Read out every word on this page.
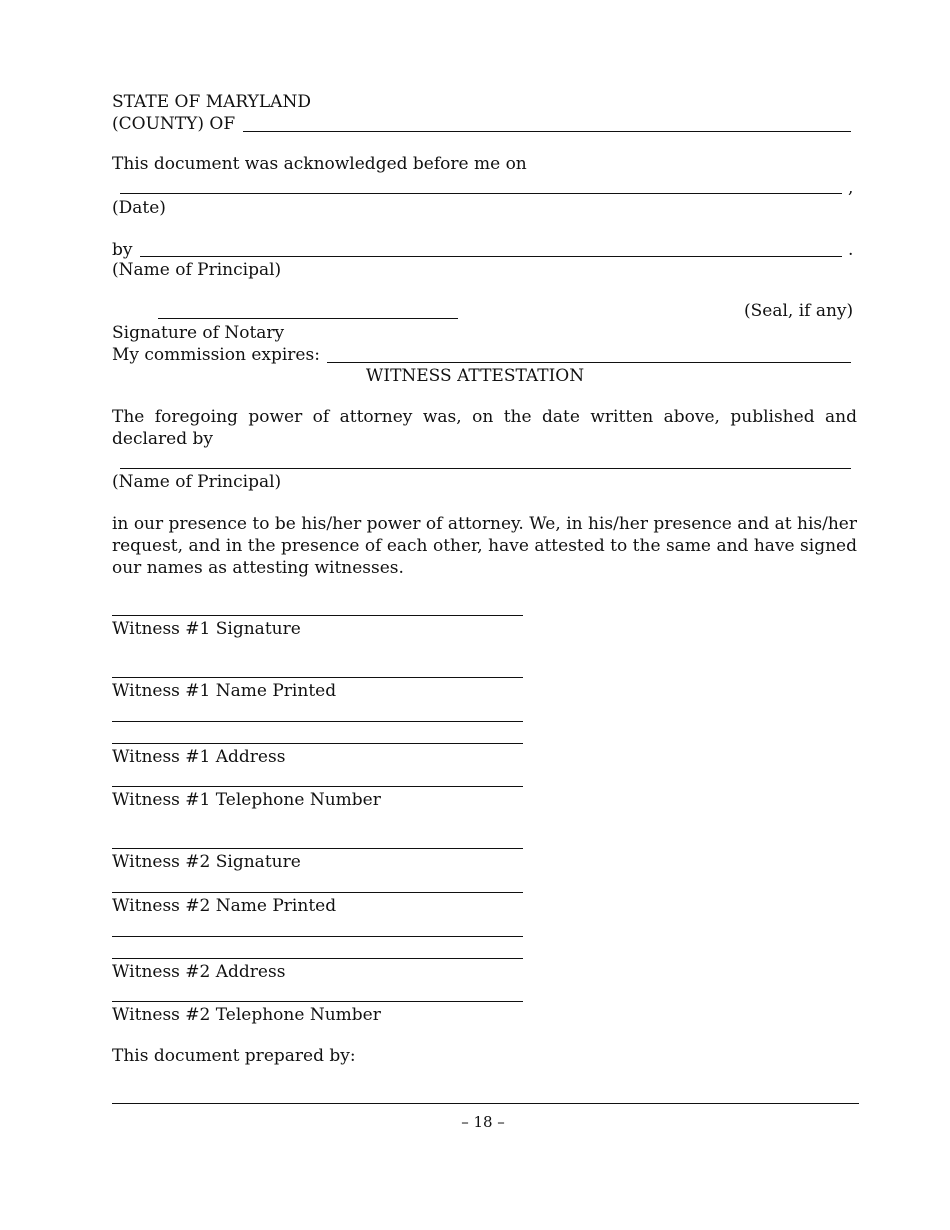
STATE OF MARYLAND
(COUNTY) OF
This document was acknowledged before me on
,
(Date)
by	.
(Name of Principal)
(Seal, if any)
Signature of Notary
My commission expires:
WITNESS ATTESTATION
The foregoing power of attorney was, on the date written above, published and declared by
(Name of Principal)
in our presence to be his/her power of attorney. We, in his/her presence and at his/her request, and in the presence of each other, have attested to the same and have signed our names as attesting witnesses.
Witness #1 Signature
Witness #1 Name Printed
Witness #1 Address
Witness #1 Telephone Number
Witness #2 Signature
Witness #2 Name Printed
Witness #2 Address
Witness #2 Telephone Number
This document prepared by:
– 18 –
